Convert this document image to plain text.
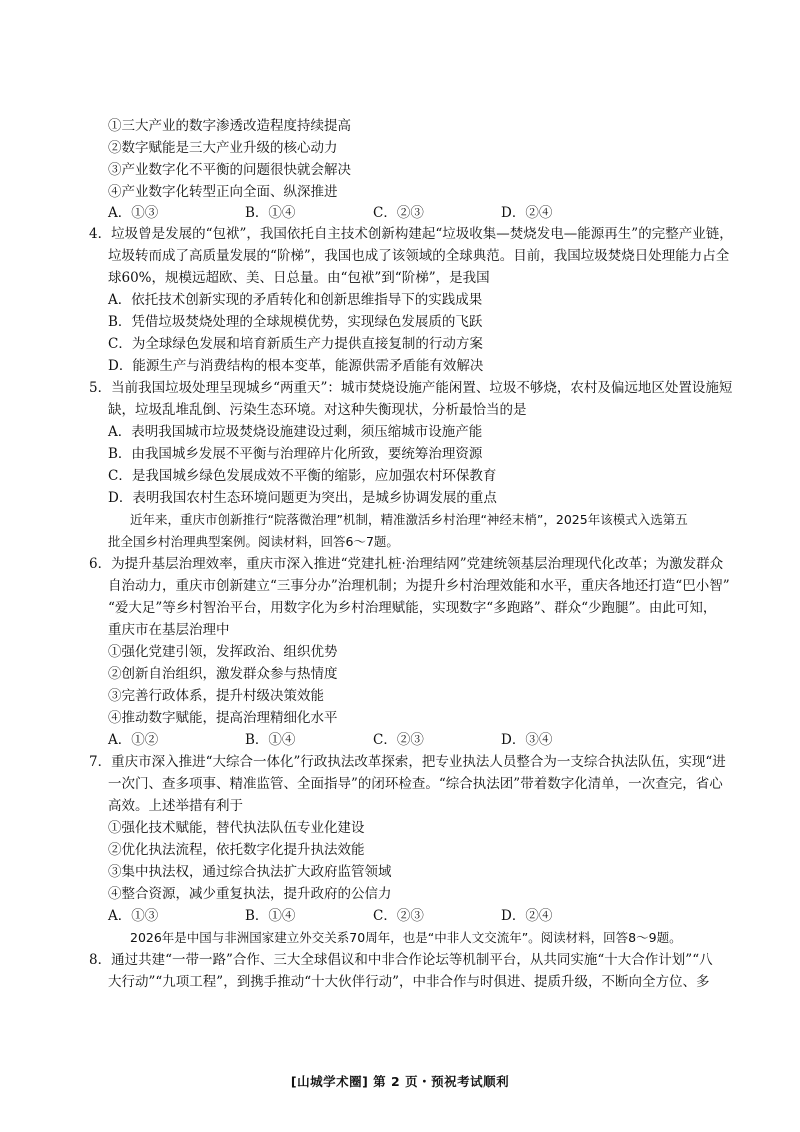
①三大产业的数字渗透改造程度持续提高
②数字赋能是三大产业升级的核心动力
③产业数字化不平衡的问题很快就会解决
④产业数字化转型正向全面、纵深推进
A．①③	B．①④	C．②③	D．②④
4．垃圾曾是发展的“包袱”，我国依托自主技术创新构建起“垃圾收集—焚烧发电—能源再生”的完整产业链，
垃圾转而成了高质量发展的“阶梯”，我国也成了该领域的全球典范。目前，我国垃圾焚烧日处理能力占全
球60%，规模远超欧、美、日总量。由“包袱”到“阶梯”，是我国
A．依托技术创新实现的矛盾转化和创新思维指导下的实践成果
B．凭借垃圾焚烧处理的全球规模优势，实现绿色发展质的飞跃
C．为全球绿色发展和培育新质生产力提供直接复制的行动方案
D．能源生产与消费结构的根本变革，能源供需矛盾能有效解决
5．当前我国垃圾处理呈现城乡“两重天”：城市焚烧设施产能闲置、垃圾不够烧，农村及偏远地区处置设施短
缺，垃圾乱堆乱倒、污染生态环境。对这种失衡现状，分析最恰当的是
A．表明我国城市垃圾焚烧设施建设过剩，须压缩城市设施产能
B．由我国城乡发展不平衡与治理碎片化所致，要统筹治理资源
C．是我国城乡绿色发展成效不平衡的缩影，应加强农村环保教育
D．表明我国农村生态环境问题更为突出，是城乡协调发展的重点
近年来，重庆市创新推行“院落微治理”机制，精准激活乡村治理“神经末梢”，2025年该模式入选第五
批全国乡村治理典型案例。阅读材料，回答6～7题。
6．为提升基层治理效率，重庆市深入推进“党建扎桩·治理结网”党建统领基层治理现代化改革；为激发群众
自治动力，重庆市创新建立“三事分办”治理机制；为提升乡村治理效能和水平，重庆各地还打造“巴小智”
“爱大足”等乡村智治平台，用数字化为乡村治理赋能，实现数字“多跑路”、群众“少跑腿”。由此可知，
重庆市在基层治理中
①强化党建引领，发挥政治、组织优势
②创新自治组织，激发群众参与热情度
③完善行政体系，提升村级决策效能
④推动数字赋能，提高治理精细化水平
A．①②	B．①④	C．②③	D．③④
7．重庆市深入推进“大综合一体化”行政执法改革探索，把专业执法人员整合为一支综合执法队伍，实现“进
一次门、查多项事、精准监管、全面指导”的闭环检查。“综合执法团”带着数字化清单，一次查完，省心
高效。上述举措有利于
①强化技术赋能，替代执法队伍专业化建设
②优化执法流程，依托数字化提升执法效能
③集中执法权，通过综合执法扩大政府监管领域
④整合资源，减少重复执法，提升政府的公信力
A．①③	B．①④	C．②③	D．②④
2026年是中国与非洲国家建立外交关系70周年，也是“中非人文交流年”。阅读材料，回答8～9题。
8．通过共建“一带一路”合作、三大全球倡议和中非合作论坛等机制平台，从共同实施“十大合作计划”“八
大行动”“九项工程”，到携手推动“十大伙伴行动”，中非合作与时俱进、提质升级，不断向全方位、多
[山城学术圈] 第 2 页・预祝考试顺利
